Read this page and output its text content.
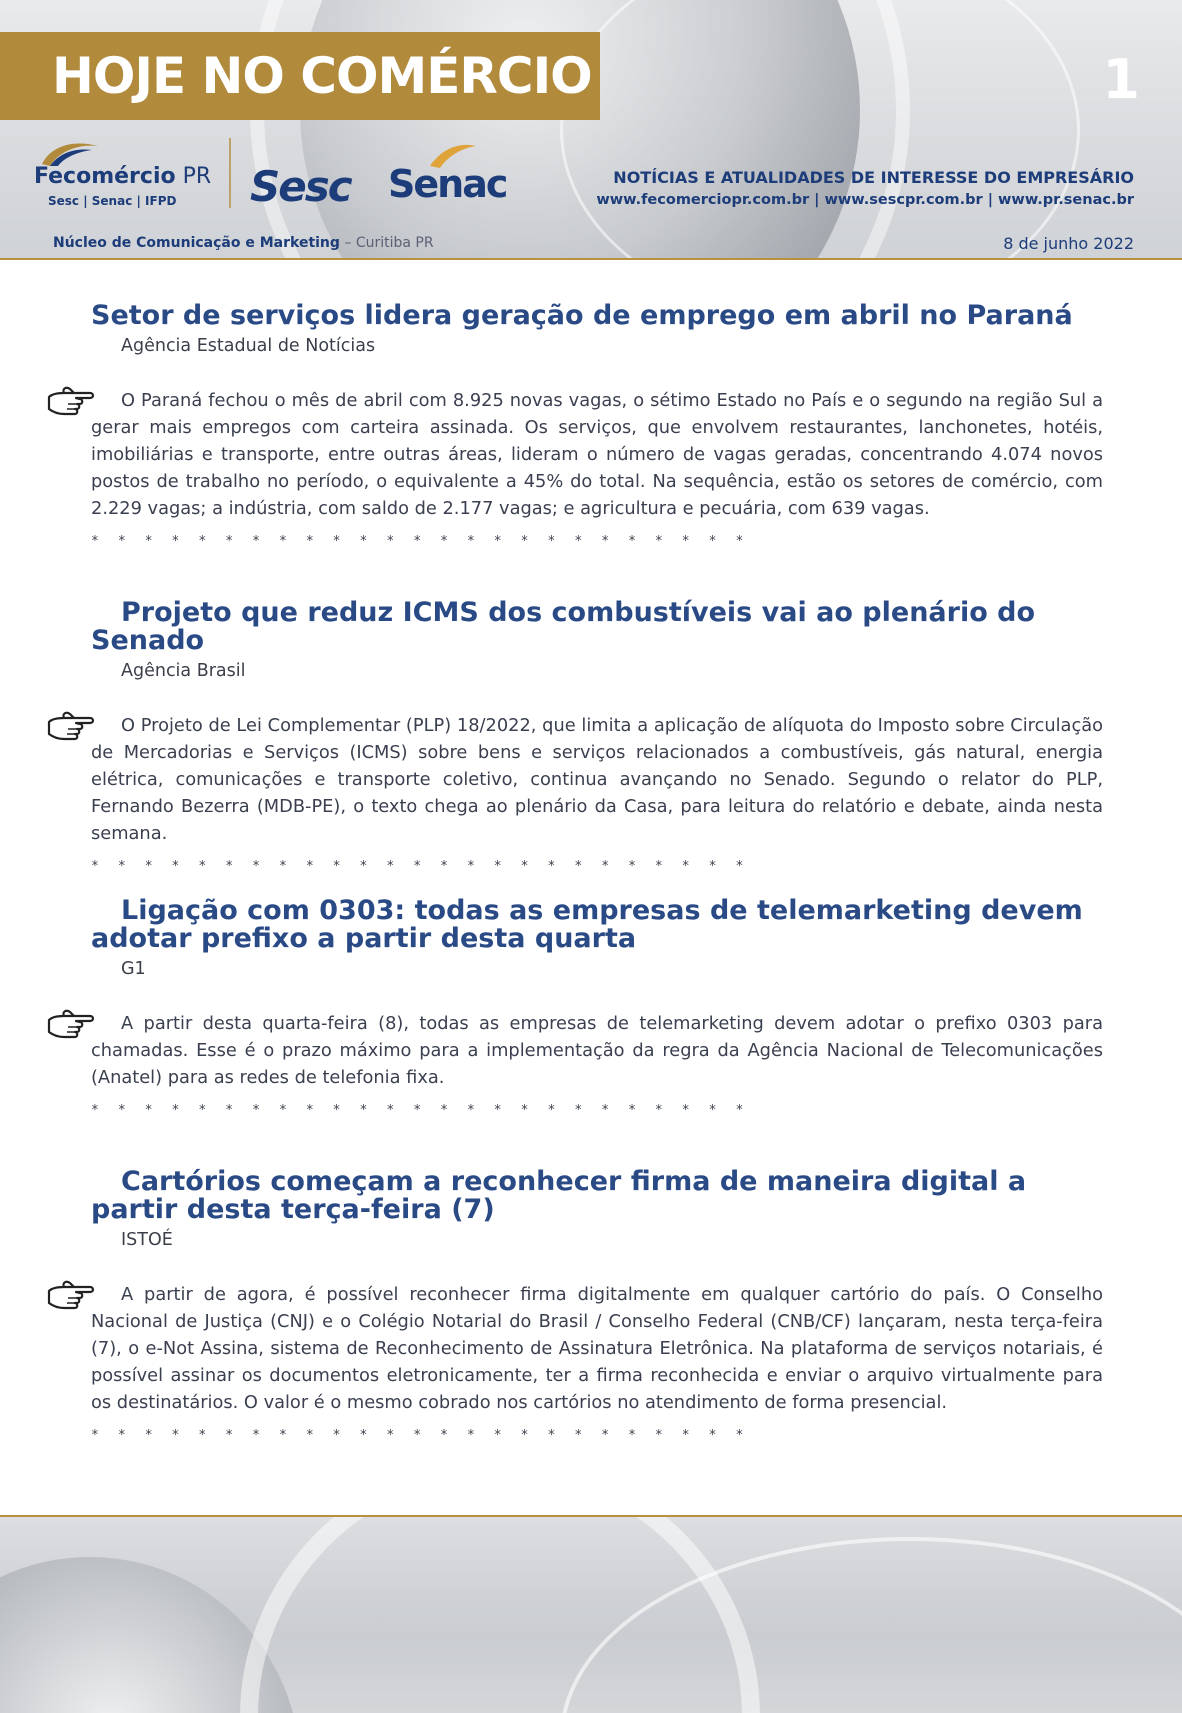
HOJE NO COMÉRCIO	1
Fecomércio PR
Sesc | Senac | IFPD Sesc Senac	NOTÍCIAS E ATUALIDADES DE INTERESSE DO EMPRESÁRIO
www.fecomerciopr.com.br | www.sescpr.com.br | www.pr.senac.br
Núcleo de Comunicação e Marketing – Curitiba PR	8 de junho 2022
Setor de serviços lidera geração de emprego em abril no Paraná
Agência Estadual de Notícias
O Paraná fechou o mês de abril com 8.925 novas vagas, o sétimo Estado no País e o segundo na região Sul a gerar mais empregos com carteira assinada. Os serviços, que envolvem restaurantes, lanchonetes, hotéis, imobiliárias e transporte, entre outras áreas, lideram o número de vagas geradas, concentrando 4.074 novos postos de trabalho no período, o equivalente a 45% do total. Na sequência, estão os setores de comércio, com 2.229 vagas; a indústria, com saldo de 2.177 vagas; e agricultura e pecuária, com 639 vagas.
* * * * * * * * * * * * * * * * * * * * * * * * *
Projeto que reduz ICMS dos combustíveis vai ao plenário do Senado
Agência Brasil
O Projeto de Lei Complementar (PLP) 18/2022, que limita a aplicação de alíquota do Imposto sobre Circulação de Mercadorias e Serviços (ICMS) sobre bens e serviços relacionados a combustíveis, gás natural, energia elétrica, comunicações e transporte coletivo, continua avançando no Senado. Segundo o relator do PLP, Fernando Bezerra (MDB-PE), o texto chega ao plenário da Casa, para leitura do relatório e debate, ainda nesta semana.
* * * * * * * * * * * * * * * * * * * * * * * * *
Ligação com 0303: todas as empresas de telemarketing devem adotar prefixo a partir desta quarta
G1
A partir desta quarta-feira (8), todas as empresas de telemarketing devem adotar o prefixo 0303 para chamadas. Esse é o prazo máximo para a implementação da regra da Agência Nacional de Telecomunicações (Anatel) para as redes de telefonia fixa.
* * * * * * * * * * * * * * * * * * * * * * * * *
Cartórios começam a reconhecer firma de maneira digital a partir desta terça-feira (7)
ISTOÉ
A partir de agora, é possível reconhecer firma digitalmente em qualquer cartório do país. O Conselho Nacional de Justiça (CNJ) e o Colégio Notarial do Brasil / Conselho Federal (CNB/CF) lançaram, nesta terça-feira (7), o e-Not Assina, sistema de Reconhecimento de Assinatura Eletrônica. Na plataforma de serviços notariais, é possível assinar os documentos eletronicamente, ter a firma reconhecida e enviar o arquivo virtualmente para os destinatários. O valor é o mesmo cobrado nos cartórios no atendimento de forma presencial.
* * * * * * * * * * * * * * * * * * * * * * * * *
